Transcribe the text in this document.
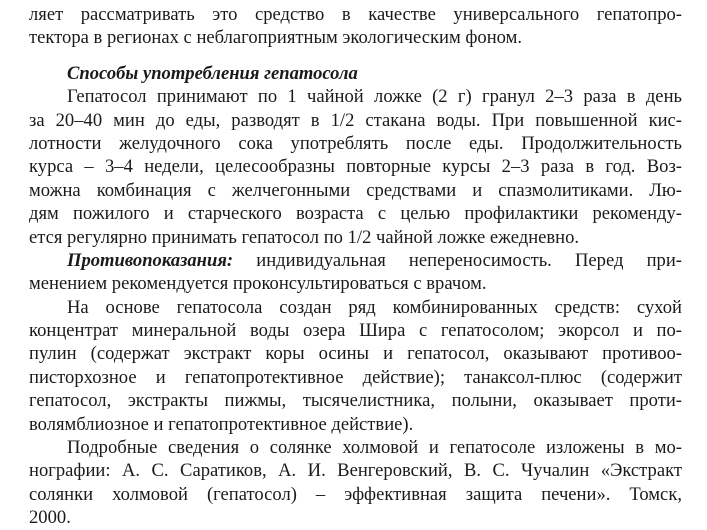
ляет рассматривать это средство в качестве универсального гепатопро-
тектора в регионах с неблагоприятным экологическим фоном.
Способы употребления гепатосола
Гепатосол принимают по 1 чайной ложке (2 г) гранул 2–3 раза в день
за 20–40 мин до еды, разводят в 1/2 стакана воды. При повышенной кис-
лотности желудочного сока употреблять после еды. Продолжительность
курса – 3–4 недели, целесообразны повторные курсы 2–3 раза в год. Воз-
можна комбинация с желчегонными средствами и спазмолитиками. Лю-
дям пожилого и старческого возраста с целью профилактики рекоменду-
ется регулярно принимать гепатосол по 1/2 чайной ложке ежедневно.
Противопоказания: индивидуальная непереносимость. Перед при-
менением рекомендуется проконсультироваться с врачом.
На основе гепатосола создан ряд комбинированных средств: сухой
концентрат минеральной воды озера Шира с гепатосолом; экорсол и по-
пулин (содержат экстракт коры осины и гепатосол, оказывают противоо-
писторхозное и гепатопротективное действие); танаксол-плюс (содержит
гепатосол, экстракты пижмы, тысячелистника, полыни, оказывает проти-
волямблиозное и гепатопротективное действие).
Подробные сведения о солянке холмовой и гепатосоле изложены в мо-
нографии: А. С. Саратиков, А. И. Венгеровский, В. С. Чучалин «Экстракт
солянки холмовой (гепатосол) – эффективная защита печени». Томск,
2000.
